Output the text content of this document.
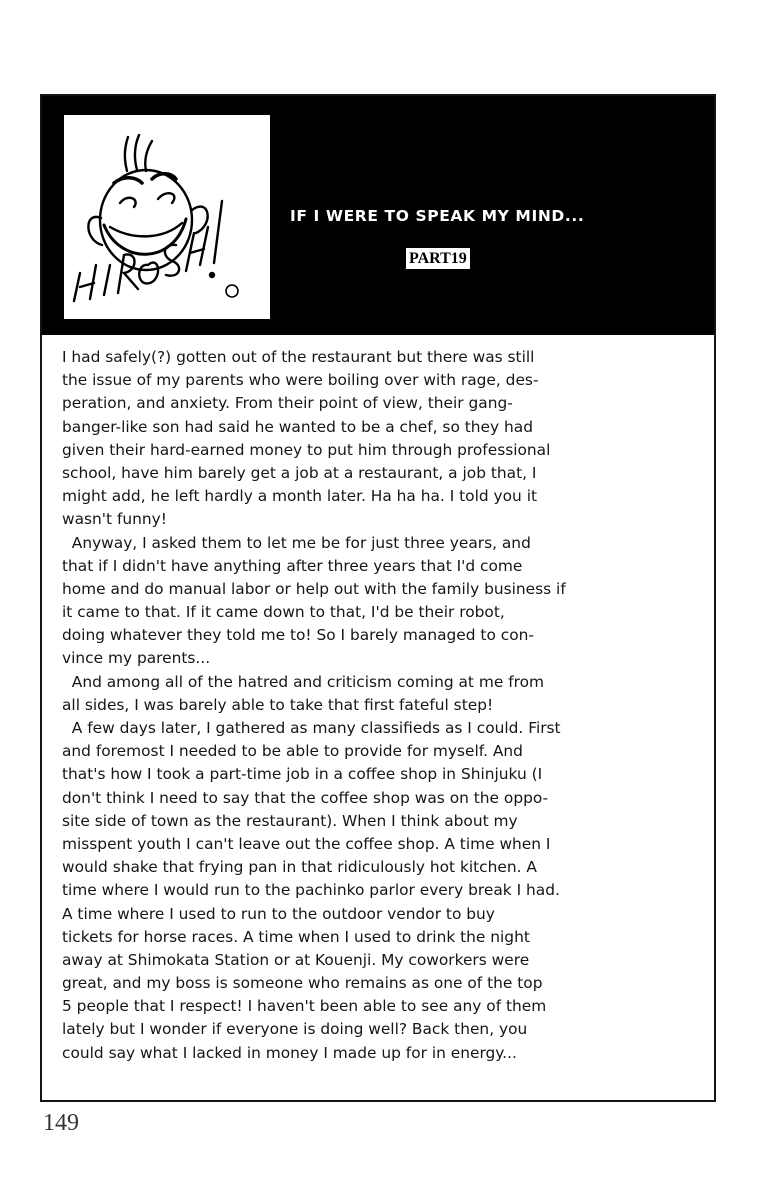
IF I WERE TO SPEAK MY MIND...
PART19
I had safely(?) gotten out of the restaurant but there was still
the issue of my parents who were boiling over with rage, des-
peration, and anxiety. From their point of view, their gang-
banger-like son had said he wanted to be a chef, so they had
given their hard-earned money to put him through professional
school, have him barely get a job at a restaurant, a job that, I
might add, he left hardly a month later. Ha ha ha. I told you it
wasn't funny!
Anyway, I asked them to let me be for just three years, and
that if I didn't have anything after three years that I'd come
home and do manual labor or help out with the family business if
it came to that. If it came down to that, I'd be their robot,
doing whatever they told me to! So I barely managed to con-
vince my parents...
And among all of the hatred and criticism coming at me from
all sides, I was barely able to take that first fateful step!
A few days later, I gathered as many classifieds as I could. First
and foremost I needed to be able to provide for myself. And
that's how I took a part-time job in a coffee shop in Shinjuku (I
don't think I need to say that the coffee shop was on the oppo-
site side of town as the restaurant). When I think about my
misspent youth I can't leave out the coffee shop. A time when I
would shake that frying pan in that ridiculously hot kitchen. A
time where I would run to the pachinko parlor every break I had.
A time where I used to run to the outdoor vendor to buy
tickets for horse races. A time when I used to drink the night
away at Shimokata Station or at Kouenji. My coworkers were
great, and my boss is someone who remains as one of the top
5 people that I respect! I haven't been able to see any of them
lately but I wonder if everyone is doing well? Back then, you
could say what I lacked in money I made up for in energy...
149
